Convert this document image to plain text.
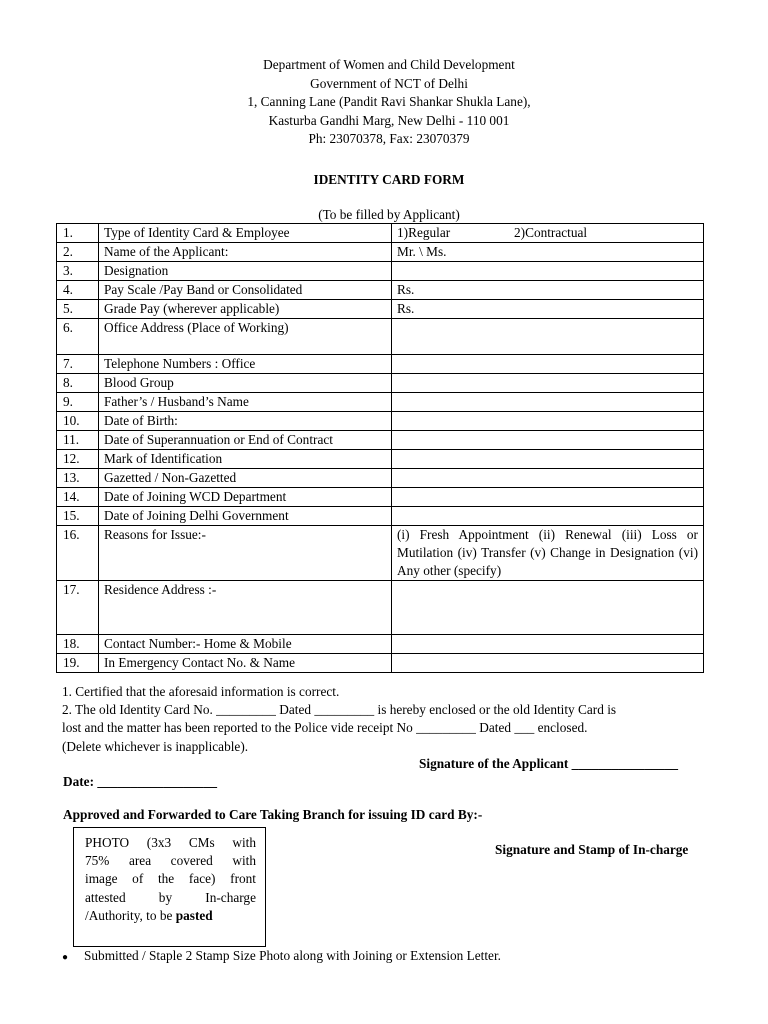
Department of Women and Child Development
Government of NCT of Delhi
1, Canning Lane (Pandit Ravi Shankar Shukla Lane),
Kasturba Gandhi Marg, New Delhi - 110 001
Ph: 23070378, Fax: 23070379
IDENTITY CARD FORM
(To be filled by Applicant)
1.	Type of Identity Card & Employee	1)Regular 2)Contractual
2.	Name of the Applicant:	Mr. \ Ms.
3.	Designation	
4.	Pay Scale /Pay Band or Consolidated	Rs.
5.	Grade Pay (wherever applicable)	Rs.
6.	Office Address (Place of Working)	
7.	Telephone Numbers : Office	
8.	Blood Group	
9.	Father’s / Husband’s Name	
10.	Date of Birth:	
11.	Date of Superannuation or End of Contract	
12.	Mark of Identification	
13.	Gazetted / Non-Gazetted	
14.	Date of Joining WCD Department	
15.	Date of Joining Delhi Government	
16.	Reasons for Issue:-	(i) Fresh Appointment (ii) Renewal (iii) Loss or Mutilation (iv) Transfer (v) Change in Designation (vi) Any other (specify)
17.	Residence Address :-	
18.	Contact Number:- Home & Mobile	
19.	In Emergency Contact No. & Name	
1. Certified that the aforesaid information is correct.
2. The old Identity Card No. _________ Dated _________ is hereby enclosed or the old Identity Card is
lost and the matter has been reported to the Police vide receipt No _________ Dated ___ enclosed.
(Delete whichever is inapplicable).
Signature of the Applicant ________________
Date: __________________
Approved and Forwarded to Care Taking Branch for issuing ID card By:-
PHOTO (3x3 CMs with
75% area covered with
image of the face) front
attested by In-charge
/Authority, to be pasted
Signature and Stamp of In-charge
● Submitted / Staple 2 Stamp Size Photo along with Joining or Extension Letter.
